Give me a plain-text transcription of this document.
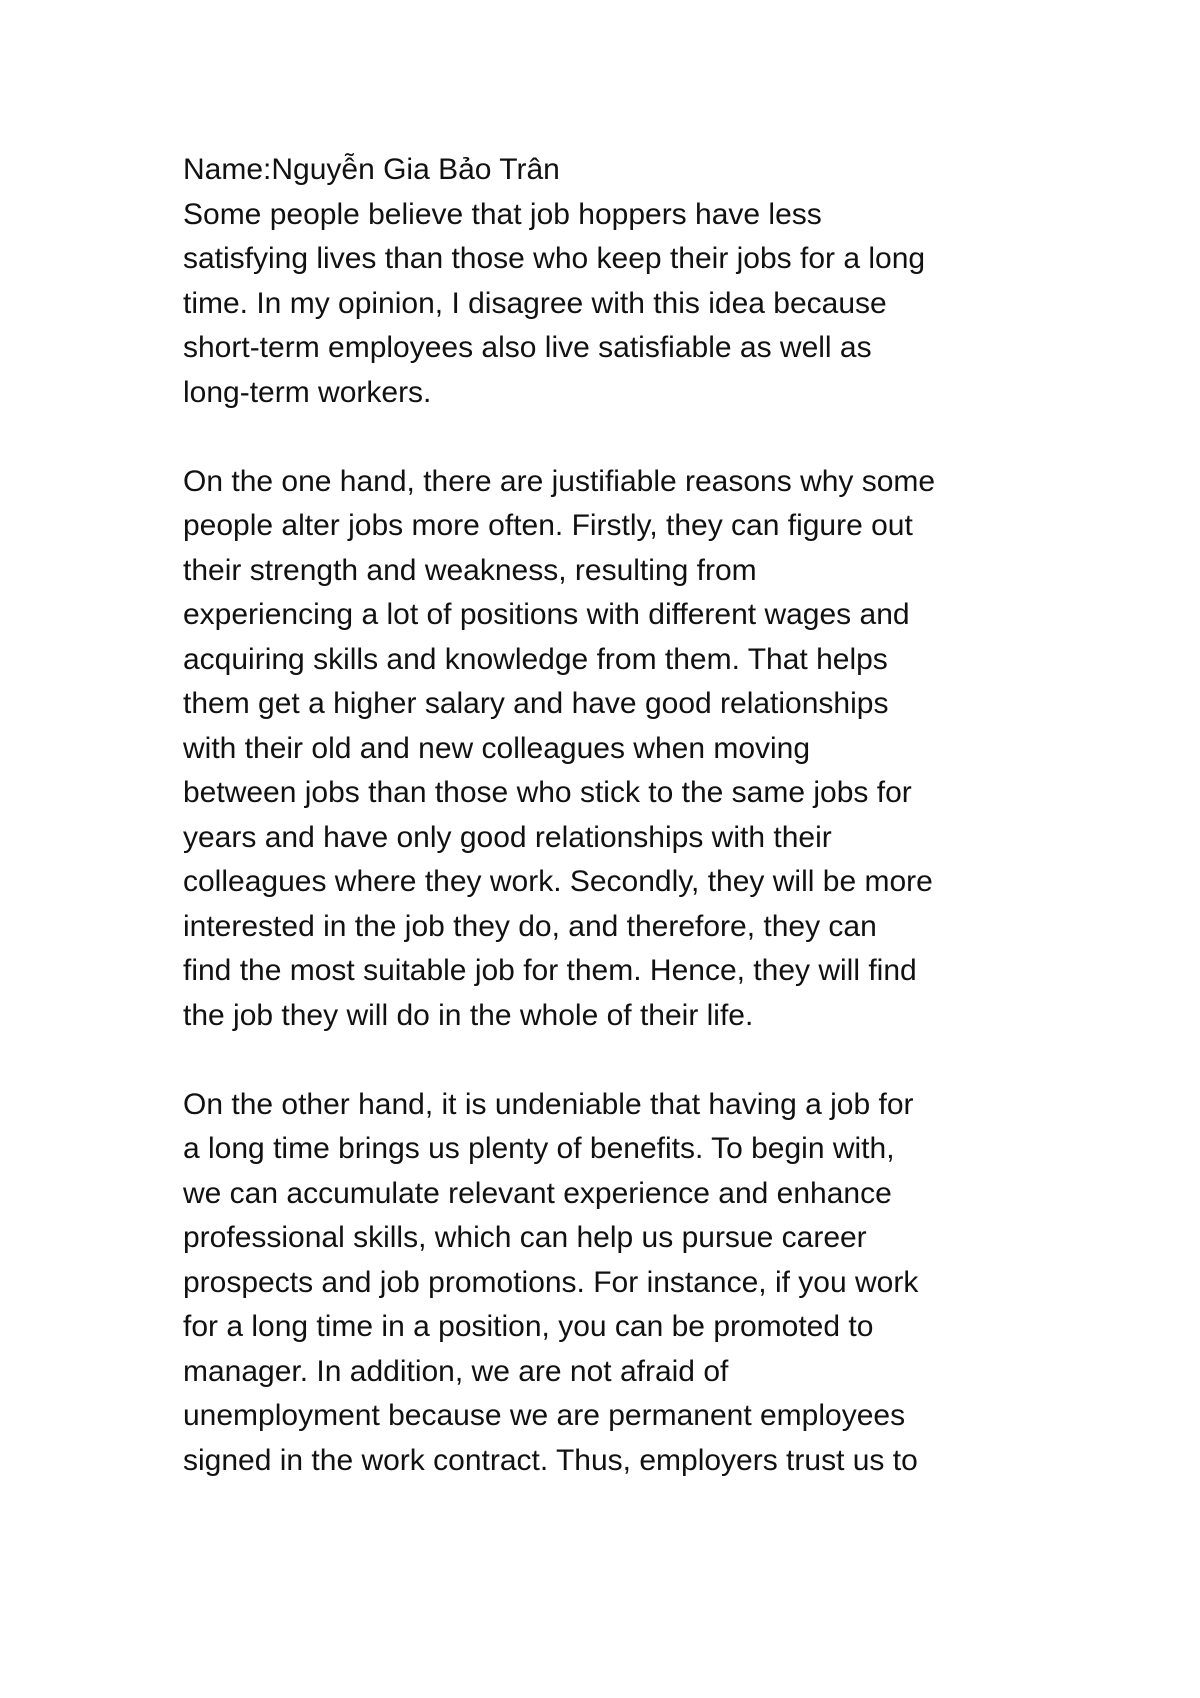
Name:Nguyễn Gia Bảo Trân
Some people believe that job hoppers have less
satisfying lives than those who keep their jobs for a long
time. In my opinion, I disagree with this idea because
short-term employees also live satisfiable as well as
long-term workers.
On the one hand, there are justifiable reasons why some
people alter jobs more often. Firstly, they can figure out
their strength and weakness, resulting from
experiencing a lot of positions with different wages and
acquiring skills and knowledge from them. That helps
them get a higher salary and have good relationships
with their old and new colleagues when moving
between jobs than those who stick to the same jobs for
years and have only good relationships with their
colleagues where they work. Secondly, they will be more
interested in the job they do, and therefore, they can
find the most suitable job for them. Hence, they will find
the job they will do in the whole of their life.
On the other hand, it is undeniable that having a job for
a long time brings us plenty of benefits. To begin with,
we can accumulate relevant experience and enhance
professional skills, which can help us pursue career
prospects and job promotions. For instance, if you work
for a long time in a position, you can be promoted to
manager. In addition, we are not afraid of
unemployment because we are permanent employees
signed in the work contract. Thus, employers trust us to
